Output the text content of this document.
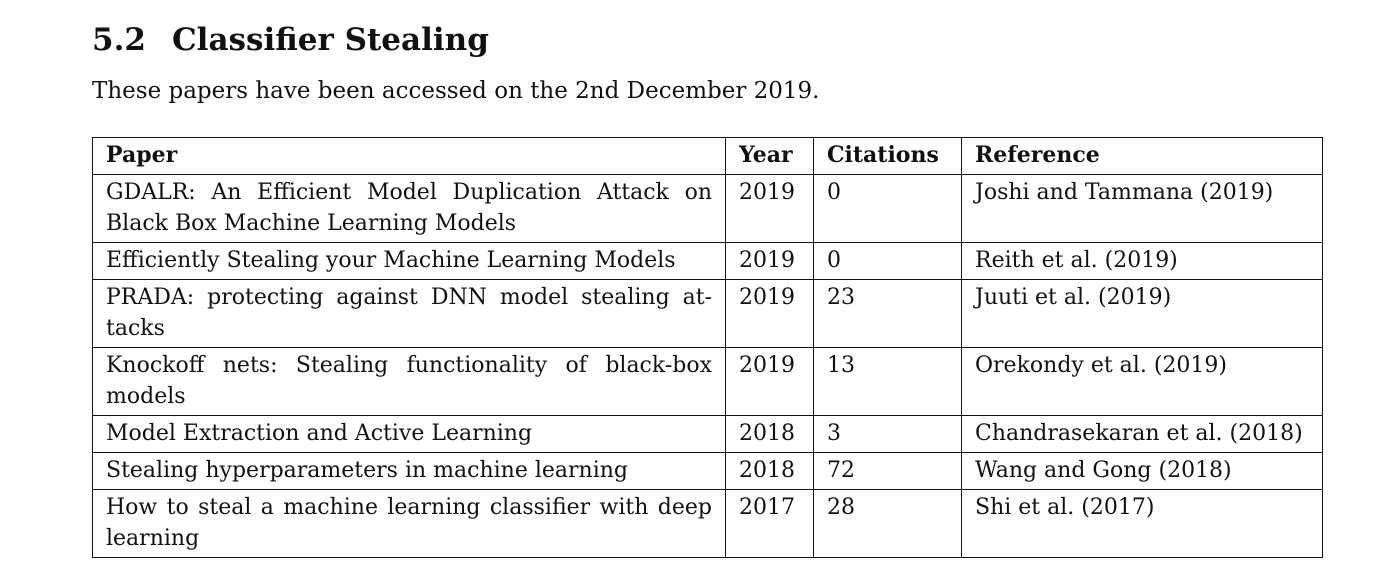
5.2 Classifier Stealing

These papers have been accessed on the 2nd December 2019.

Paper	Year	Citations	Reference
GDALR: An Efficient Model Duplication Attack on Black Box Machine Learning Models	2019	0	Joshi and Tammana (2019)
Efficiently Stealing your Machine Learning Models	2019	0	Reith et al. (2019)
PRADA: protecting against DNN model stealing attacks	2019	23	Juuti et al. (2019)
Knockoff nets: Stealing functionality of black-box models	2019	13	Orekondy et al. (2019)
Model Extraction and Active Learning	2018	3	Chandrasekaran et al. (2018)
Stealing hyperparameters in machine learning	2018	72	Wang and Gong (2018)
How to steal a machine learning classifier with deep learning	2017	28	Shi et al. (2017)
